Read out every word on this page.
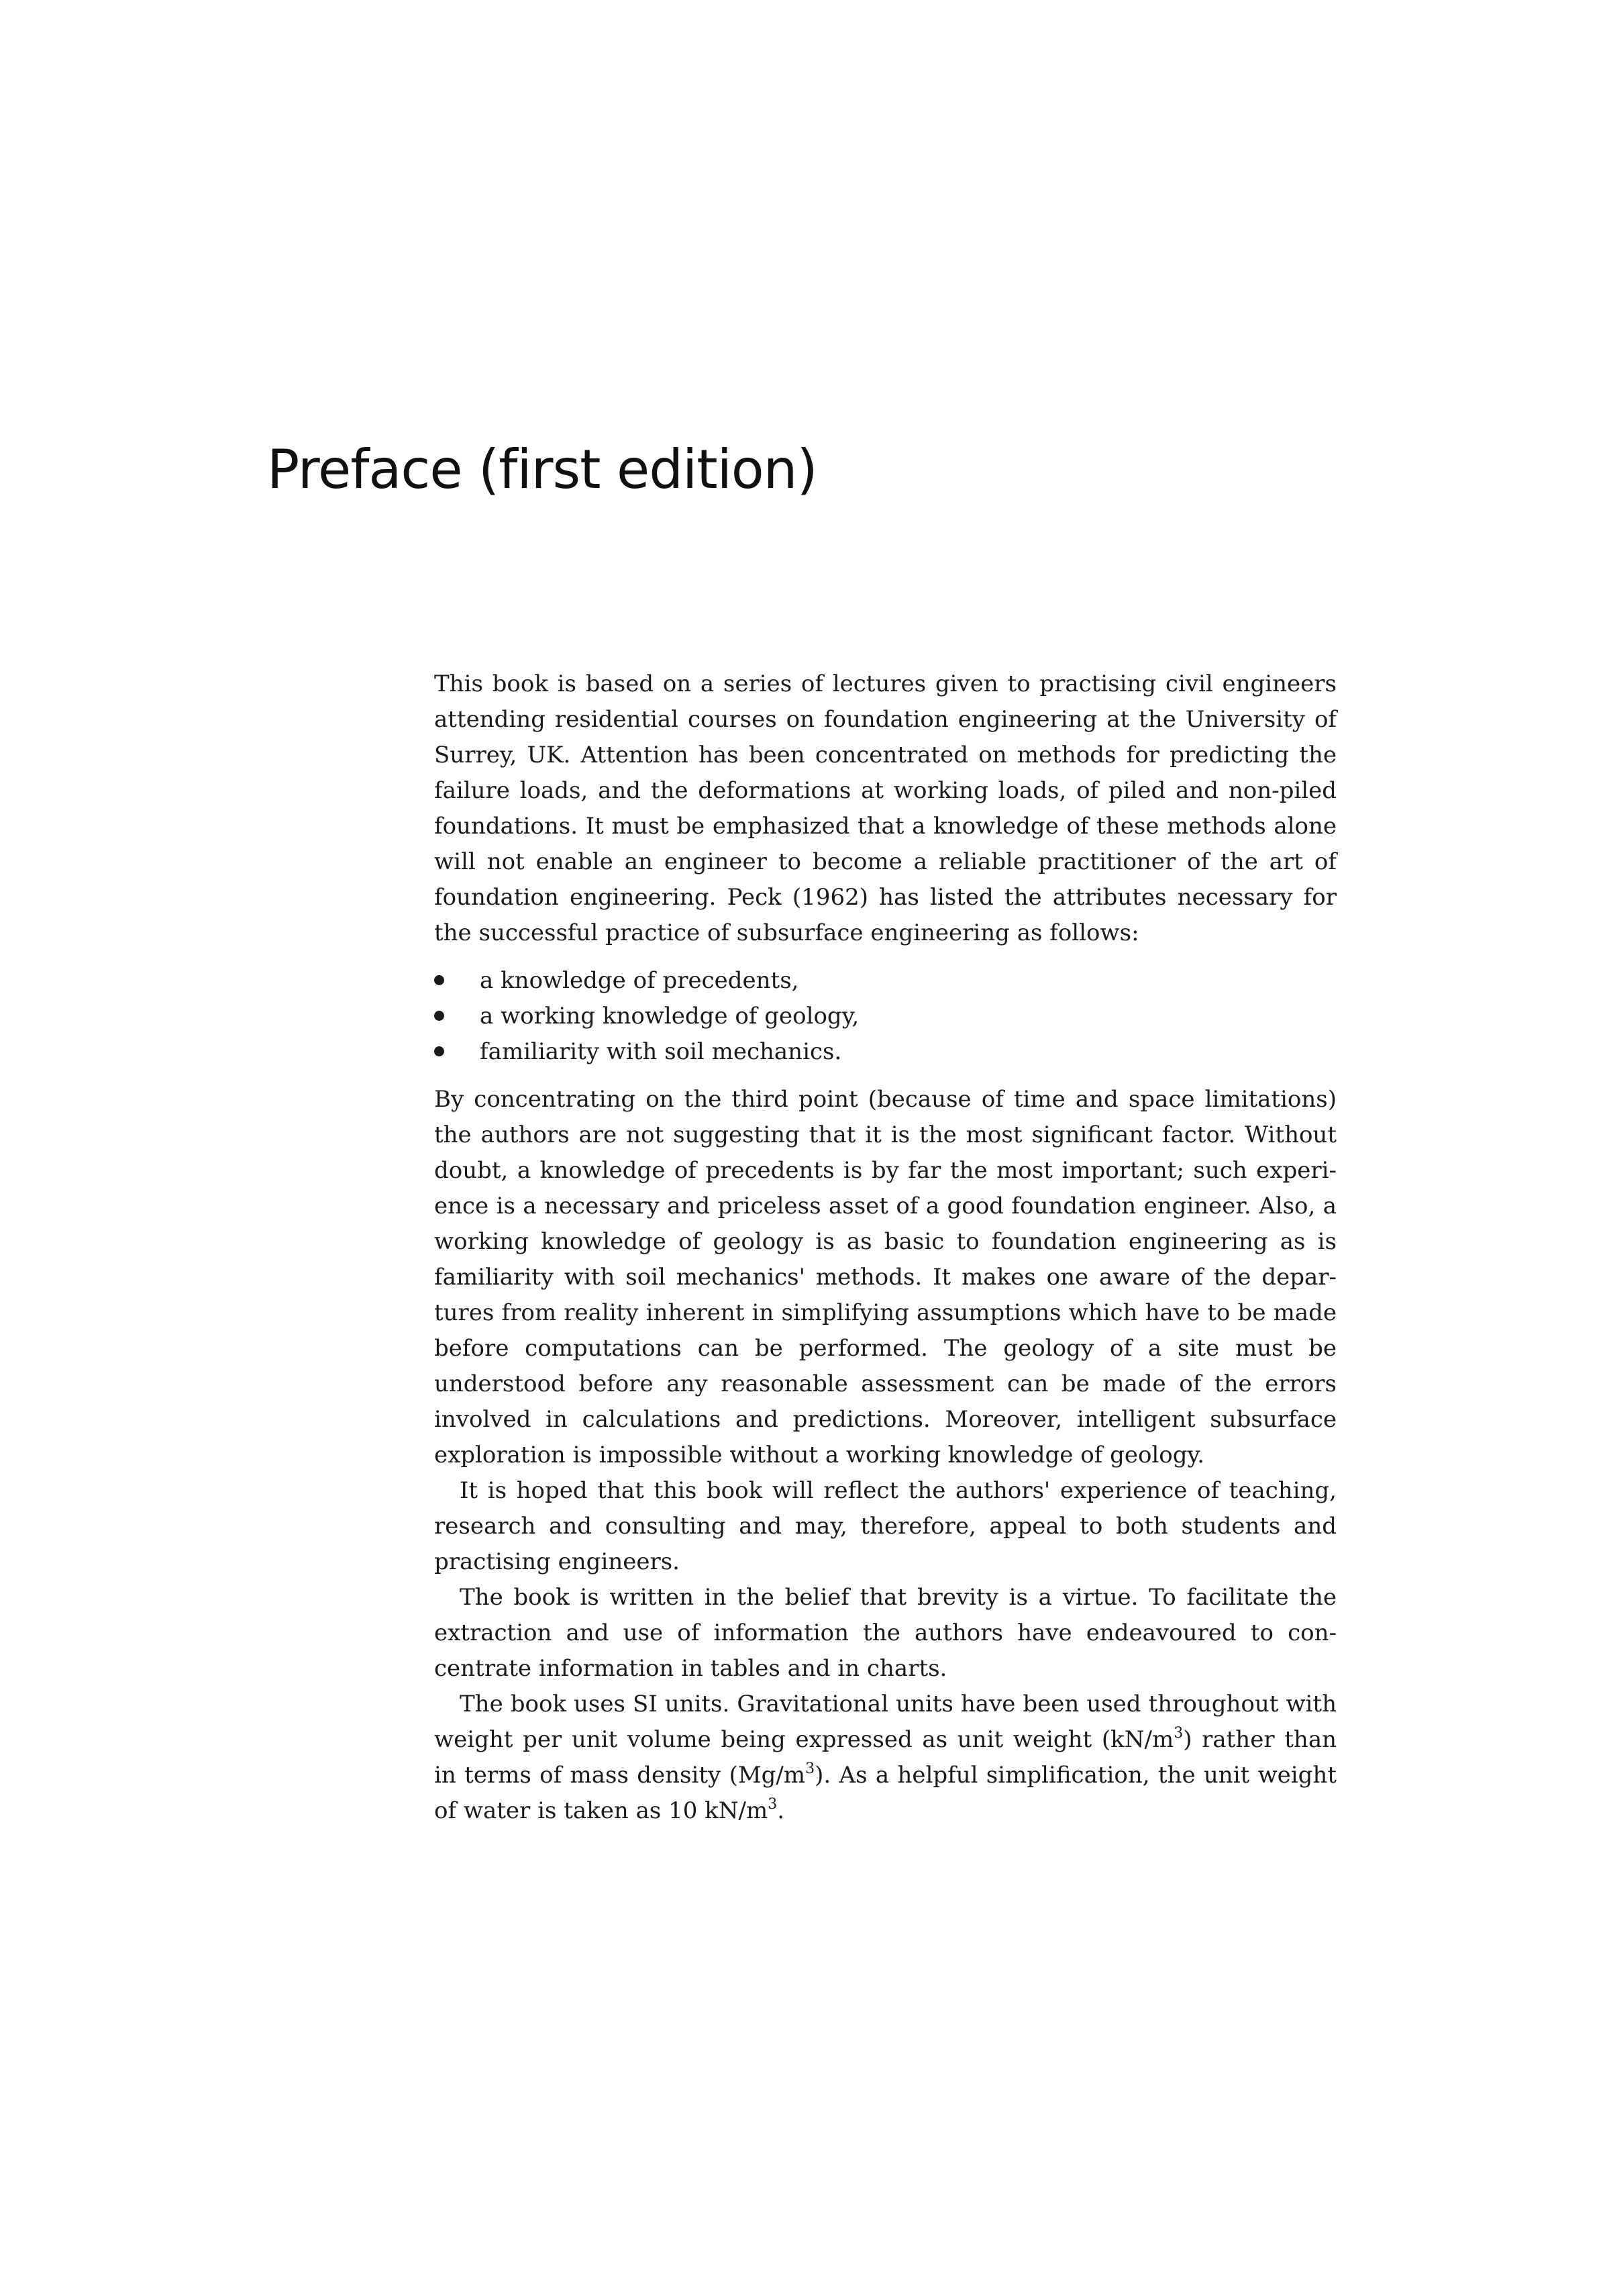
Preface (first edition)

This book is based on a series of lectures given to practising civil engineers attending residential courses on foundation engineering at the University of Surrey, UK. Attention has been concentrated on methods for predicting the failure loads, and the deformations at working loads, of piled and non-piled foundations. It must be emphasized that a knowledge of these methods alone will not enable an engineer to become a reliable practitioner of the art of foundation engineering. Peck (1962) has listed the attributes necessary for the successful practice of subsurface engineering as follows:

a knowledge of precedents,
a working knowledge of geology,
familiarity with soil mechanics.

By concentrating on the third point (because of time and space limitations) the authors are not suggesting that it is the most significant factor. Without doubt, a knowledge of precedents is by far the most important; such experience is a necessary and priceless asset of a good foundation engineer. Also, a working knowledge of geology is as basic to foundation engineering as is familiarity with soil mechanics' methods. It makes one aware of the departures from reality inherent in simplifying assumptions which have to be made before computations can be performed. The geology of a site must be understood before any reasonable assessment can be made of the errors involved in calculations and predictions. Moreover, intelligent subsurface exploration is impossible without a working knowledge of geology.

It is hoped that this book will reflect the authors' experience of teaching, research and consulting and may, therefore, appeal to both students and practising engineers.

The book is written in the belief that brevity is a virtue. To facilitate the extraction and use of information the authors have endeavoured to concentrate information in tables and in charts.

The book uses SI units. Gravitational units have been used throughout with weight per unit volume being expressed as unit weight $(kN/m^3)$ rather than in terms of mass density $(Mg/m^3)$. As a helpful simplification, the unit weight of water is taken as 10 $kN/m^3$.
